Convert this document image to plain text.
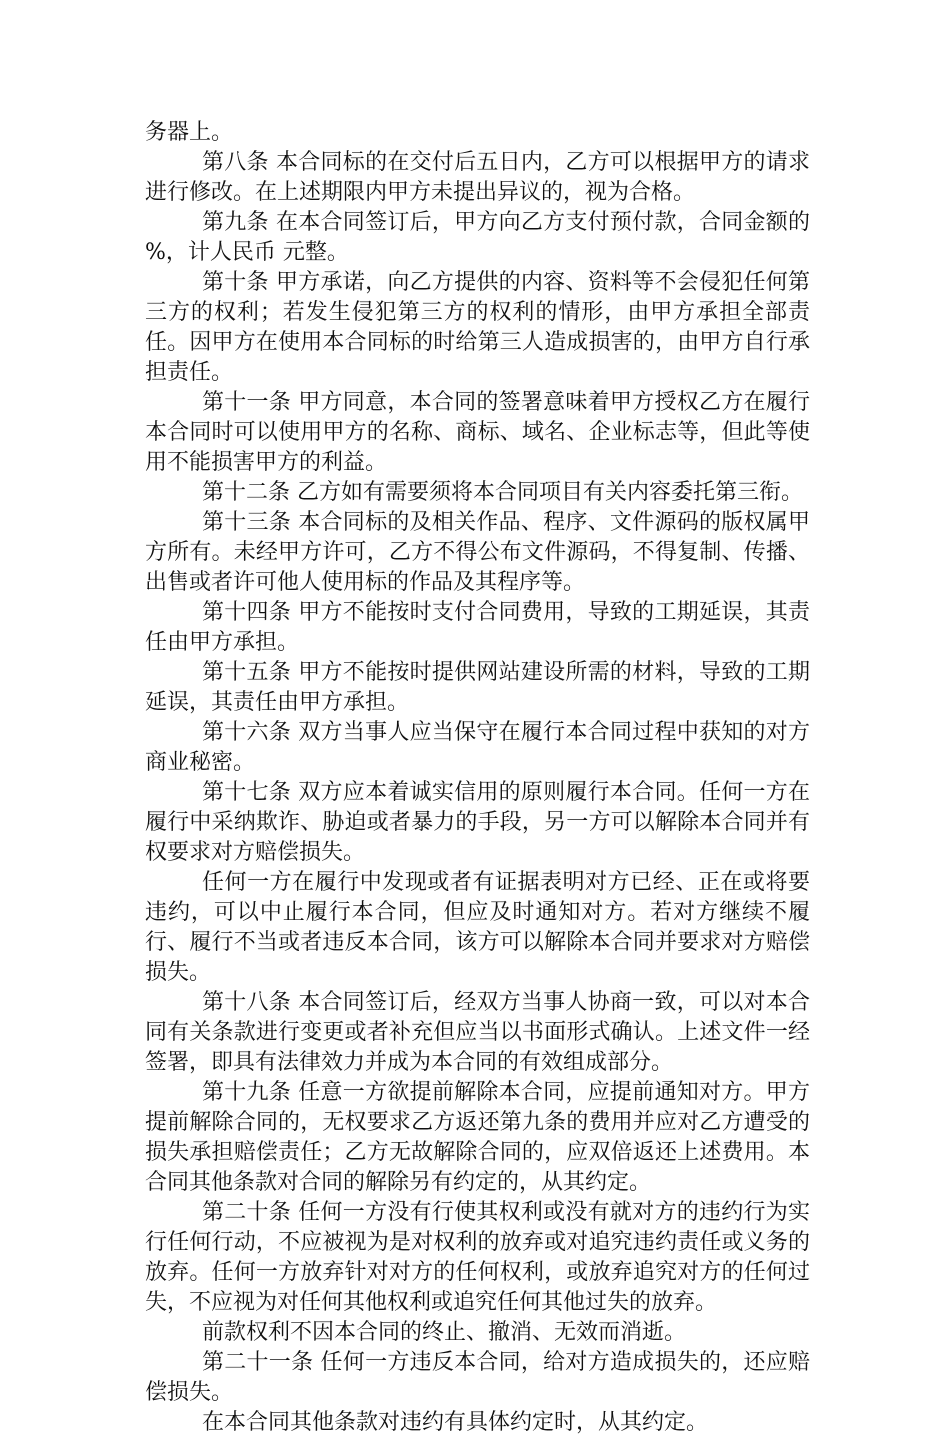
务器上。

第八条 本合同标的在交付后五日内，乙方可以根据甲方的请求进行修改。在上述期限内甲方未提出异议的，视为合格。

第九条 在本合同签订后，甲方向乙方支付预付款，合同金额的 %，计人民币 元整。

第十条 甲方承诺，向乙方提供的内容、资料等不会侵犯任何第三方的权利；若发生侵犯第三方的权利的情形，由甲方承担全部责任。因甲方在使用本合同标的时给第三人造成损害的，由甲方自行承担责任。

第十一条 甲方同意，本合同的签署意味着甲方授权乙方在履行本合同时可以使用甲方的名称、商标、域名、企业标志等，但此等使用不能损害甲方的利益。

第十二条 乙方如有需要须将本合同项目有关内容委托第三衔。

第十三条 本合同标的及相关作品、程序、文件源码的版权属甲方所有。未经甲方许可，乙方不得公布文件源码，不得复制、传播、出售或者许可他人使用标的作品及其程序等。

第十四条 甲方不能按时支付合同费用，导致的工期延误，其责任由甲方承担。

第十五条 甲方不能按时提供网站建设所需的材料，导致的工期延误，其责任由甲方承担。

第十六条 双方当事人应当保守在履行本合同过程中获知的对方商业秘密。

第十七条 双方应本着诚实信用的原则履行本合同。任何一方在履行中采纳欺诈、胁迫或者暴力的手段，另一方可以解除本合同并有权要求对方赔偿损失。

任何一方在履行中发现或者有证据表明对方已经、正在或将要违约，可以中止履行本合同，但应及时通知对方。若对方继续不履行、履行不当或者违反本合同，该方可以解除本合同并要求对方赔偿损失。

第十八条 本合同签订后，经双方当事人协商一致，可以对本合同有关条款进行变更或者补充但应当以书面形式确认。上述文件一经签署，即具有法律效力并成为本合同的有效组成部分。

第十九条 任意一方欲提前解除本合同，应提前通知对方。甲方提前解除合同的，无权要求乙方返还第九条的费用并应对乙方遭受的损失承担赔偿责任；乙方无故解除合同的，应双倍返还上述费用。本合同其他条款对合同的解除另有约定的，从其约定。

第二十条 任何一方没有行使其权利或没有就对方的违约行为实行任何行动，不应被视为是对权利的放弃或对追究违约责任或义务的放弃。任何一方放弃针对对方的任何权利，或放弃追究对方的任何过失，不应视为对任何其他权利或追究任何其他过失的放弃。

前款权利不因本合同的终止、撤消、无效而消逝。

第二十一条 任何一方违反本合同，给对方造成损失的，还应赔偿损失。

在本合同其他条款对违约有具体约定时，从其约定。
